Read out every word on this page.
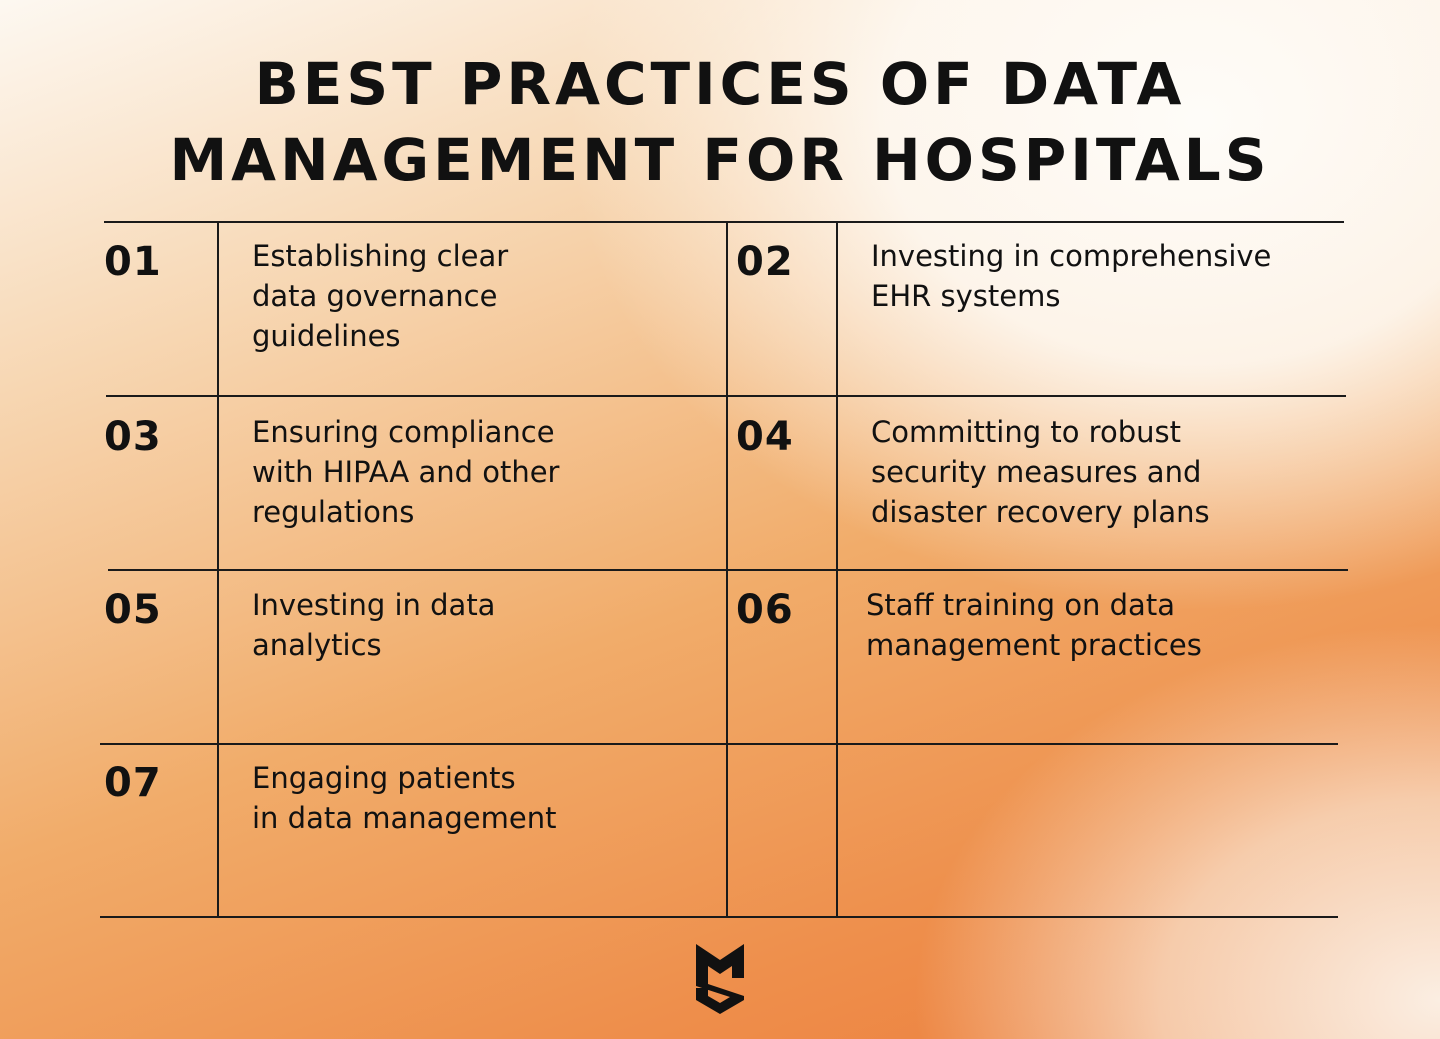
BEST PRACTICES OF DATA
MANAGEMENT FOR HOSPITALS
01	Establishing clear
data governance
guidelines
02	Investing in comprehensive
EHR systems
03	Ensuring compliance
with HIPAA and other
regulations
04	Committing to robust
security measures and
disaster recovery plans
05	Investing in data
analytics
06 Staff training on data
management practices
07	Engaging patients
in data management
